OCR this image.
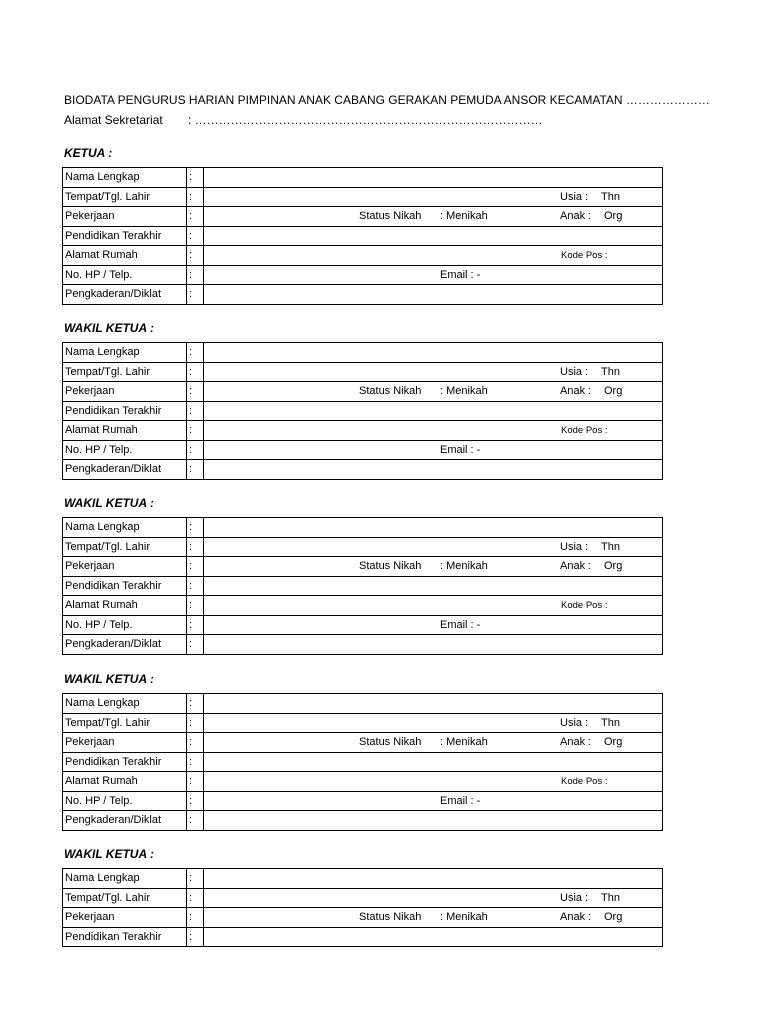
BIODATA PENGURUS HARIAN PIMPINAN ANAK CABANG GERAKAN PEMUDA ANSOR KECAMATAN …………………
Alamat Sekretariat : ……………………………………………………………………………
KETUA :
Nama Lengkap	:	
Tempat/Tgl. Lahir	:	Usia : Thn

Pekerjaan	:	Status Nikah : Menikah Anak : Org

Pendidikan Terakhir	:	
Alamat Rumah	:	Kode Pos :

No. HP / Telp.	:	Email : -

Pengkaderan/Diklat	:	
WAKIL KETUA :
Nama Lengkap	:	
Tempat/Tgl. Lahir	:	Usia : Thn

Pekerjaan	:	Status Nikah : Menikah Anak : Org

Pendidikan Terakhir	:	
Alamat Rumah	:	Kode Pos :

No. HP / Telp.	:	Email : -

Pengkaderan/Diklat	:	
WAKIL KETUA :
Nama Lengkap	:	
Tempat/Tgl. Lahir	:	Usia : Thn

Pekerjaan	:	Status Nikah : Menikah Anak : Org

Pendidikan Terakhir	:	
Alamat Rumah	:	Kode Pos :

No. HP / Telp.	:	Email : -

Pengkaderan/Diklat	:	
WAKIL KETUA :
Nama Lengkap	:	
Tempat/Tgl. Lahir	:	Usia : Thn

Pekerjaan	:	Status Nikah : Menikah Anak : Org

Pendidikan Terakhir	:	
Alamat Rumah	:	Kode Pos :

No. HP / Telp.	:	Email : -

Pengkaderan/Diklat	:	
WAKIL KETUA :
Nama Lengkap	:	
Tempat/Tgl. Lahir	:	Usia : Thn

Pekerjaan	:	Status Nikah : Menikah Anak : Org

Pendidikan Terakhir	:	
